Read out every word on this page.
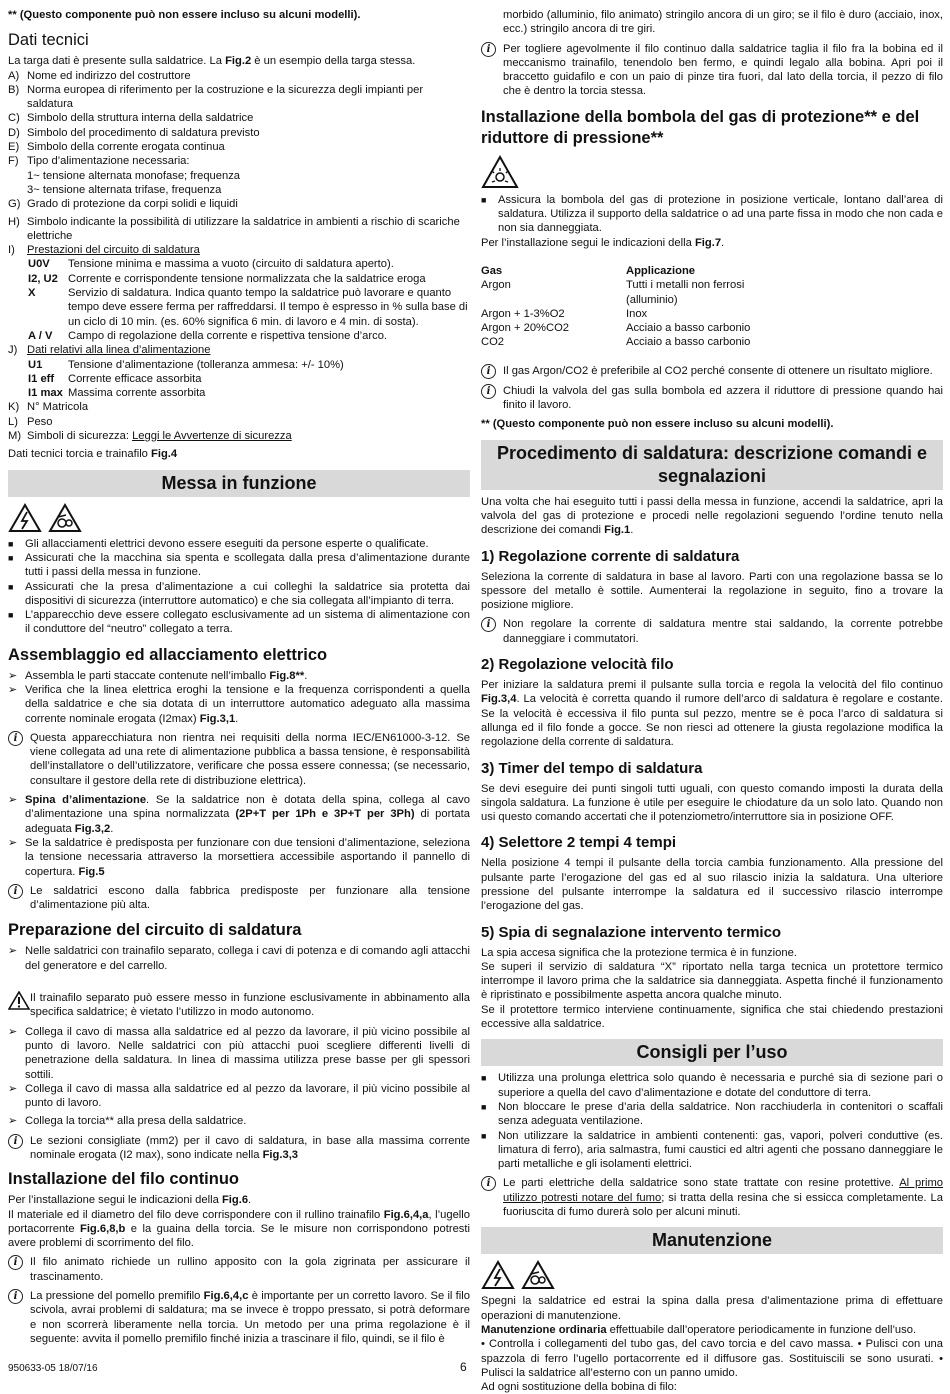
** (Questo componente può non essere incluso su alcuni modelli).

Dati tecnici

La targa dati è presente sulla saldatrice. La Fig.2 è un esempio della targa stessa.

A) Nome ed indirizzo del costruttore
B) Norma europea di riferimento per la costruzione e la sicurezza degli impianti per saldatura
C) Simbolo della struttura interna della saldatrice
D) Simbolo del procedimento di saldatura previsto
E) Simbolo della corrente erogata continua
F) Tipo d’alimentazione necessaria:

1~ tensione alternata monofase; frequenza

3~ tensione alternata trifase, frequenza

G) Grado di protezione da corpi solidi e liquidi
H) Simbolo indicante la possibilità di utilizzare la saldatrice in ambienti a rischio di scariche elettriche
I)	Prestazioni del circuito di saldatura
U0V	Tensione minima e massima a vuoto (circuito di saldatura aperto).
I2, U2 Corrente e corrispondente tensione normalizzata che la saldatrice eroga
X	Servizio di saldatura. Indica quanto tempo la saldatrice può lavorare e quanto tempo deve essere ferma per raffreddarsi. Il tempo è espresso in % sulla base di un ciclo di 10 min. (es. 60% significa 6 min. di lavoro e 4 min. di sosta).
A / V	Campo di regolazione della corrente e rispettiva tensione d’arco.
J) Dati relativi alla linea d’alimentazione
U1	Tensione d’alimentazione (tolleranza ammesa: +/- 10%)
I1 eff	Corrente efficace assorbita
I1 max Massima corrente assorbita
K) N° Matricola
L) Peso
M) Simboli di sicurezza: Leggi le Avvertenze di sicurezza

Dati tecnici torcia e trainafilo Fig.4

Messa in funzione
■	Gli allacciamenti elettrici devono essere eseguiti da persone esperte o qualificate.
■	Assicurati che la macchina sia spenta e scollegata dalla presa d’alimentazione durante tutti i passi della messa in funzione.
■	Assicurati che la presa d’alimentazione a cui colleghi la saldatrice sia protetta dai dispositivi di sicurezza (interruttore automatico) e che sia collegata all’impianto di terra.
■	L’apparecchio deve essere collegato esclusivamente ad un sistema di alimentazione con il conduttore del “neutro” collegato a terra.
Assemblaggio ed allacciamento elettrico
➢ Assembla le parti staccate contenute nell’imballo Fig.8**.
➢ Verifica che la linea elettrica eroghi la tensione e la frequenza corrispondenti a quella della saldatrice e che sia dotata di un interruttore automatico adeguato alla massima corrente nominale erogata (I2max) Fig.3,1.
i	Questa apparecchiatura non rientra nei requisiti della norma IEC/EN61000-3-12. Se viene collegata ad una rete di alimentazione pubblica a bassa tensione, è responsabilità dell’installatore o dell’utilizzatore, verificare che possa essere connessa; (se necessario, consultare il gestore della rete di distribuzione elettrica).
➢ Spina d’alimentazione. Se la saldatrice non è dotata della spina, collega al cavo d’alimentazione una spina normalizzata (2P+T per 1Ph e 3P+T per 3Ph) di portata adeguata Fig.3,2.
➢ Se la saldatrice è predisposta per funzionare con due tensioni d’alimentazione, seleziona la tensione necessaria attraverso la morsettiera accessibile asportando il pannello di copertura. Fig.5
i	Le saldatrici escono dalla fabbrica predisposte per funzionare alla tensione d’alimentazione più alta.
Preparazione del circuito di saldatura
➢ Nelle saldatrici con trainafilo separato, collega i cavi di potenza e di comando agli attacchi del generatore e del carrello.
Il trainafilo separato può essere messo in funzione esclusivamente in abbinamento alla specifica saldatrice; è vietato l’utilizzo in modo autonomo.
➢ Collega il cavo di massa alla saldatrice ed al pezzo da lavorare, il più vicino possibile al punto di lavoro. Nelle saldatrici con più attacchi puoi scegliere differenti livelli di penetrazione della saldatura. In linea di massima utilizza prese basse per gli spessori sottili.
➢ Collega il cavo di massa alla saldatrice ed al pezzo da lavorare, il più vicino possibile al punto di lavoro.
➢ Collega la torcia** alla presa della saldatrice.
i	Le sezioni consigliate (mm2) per il cavo di saldatura, in base alla massima corrente nominale erogata (I2 max), sono indicate nella Fig.3,3
Installazione del filo continuo

Per l’installazione segui le indicazioni della Fig.6.

Il materiale ed il diametro del filo deve corrispondere con il rullino trainafilo Fig.6,4,a, l’ugello portacorrente Fig.6,8,b e la guaina della torcia. Se le misure non corrispondono potresti avere problemi di scorrimento del filo.

i	Il filo animato richiede un rullino apposito con la gola zigrinata per assicurare il trascinamento.
i	La pressione del pomello premifilo Fig.6,4,c è importante per un corretto lavoro. Se il filo scivola, avrai problemi di saldatura; ma se invece è troppo pressato, si potrà deformare e non scorrerà liberamente nella torcia. Un metodo per una prima regolazione è il seguente: avvita il pomello premifilo finché inizia a trascinare il filo, quindi, se il filo è
950633-05 18/07/16	6

morbido (alluminio, filo animato) stringilo ancora di un giro; se il filo è duro (acciaio, inox, ecc.) stringilo ancora di tre giri.

i	Per togliere agevolmente il filo continuo dalla saldatrice taglia il filo fra la bobina ed il meccanismo trainafilo, tenendolo ben fermo, e quindi legalo alla bobina. Apri poi il braccetto guidafilo e con un paio di pinze tira fuori, dal lato della torcia, il pezzo di filo che è dentro la torcia stessa.
Installazione della bombola del gas di protezione** e del riduttore di pressione**
■	Assicura la bombola del gas di protezione in posizione verticale, lontano dall’area di saldatura. Utilizza il supporto della saldatrice o ad una parte fissa in modo che non cada e non sia danneggiata.

Per l’installazione segui le indicazioni della Fig.7.

Gas	Applicazione
Argon	Tutti i metalli non ferrosi (alluminio)
Argon + 1-3%O2	Inox
Argon + 20%CO2	Acciaio a basso carbonio
CO2	Acciaio a basso carbonio
i	Il gas Argon/CO2 è preferibile al CO2 perché consente di ottenere un risultato migliore.
i	Chiudi la valvola del gas sulla bombola ed azzera il riduttore di pressione quando hai finito il lavoro.

** (Questo componente può non essere incluso su alcuni modelli).

Procedimento di saldatura: descrizione comandi e segnalazioni

Una volta che hai eseguito tutti i passi della messa in funzione, accendi la saldatrice, apri la valvola del gas di protezione e procedi nelle regolazioni seguendo l’ordine tenuto nella descrizione dei comandi Fig.1.

1) Regolazione corrente di saldatura

Seleziona la corrente di saldatura in base al lavoro. Parti con una regolazione bassa se lo spessore del metallo è sottile. Aumenterai la regolazione in seguito, fino a trovare la posizione migliore.

i	Non regolare la corrente di saldatura mentre stai saldando, la corrente potrebbe danneggiare i commutatori.
2) Regolazione velocità filo

Per iniziare la saldatura premi il pulsante sulla torcia e regola la velocità del filo continuo Fig.3,4. La velocità è corretta quando il rumore dell’arco di saldatura è regolare e costante. Se la velocità è eccessiva il filo punta sul pezzo, mentre se è poca l’arco di saldatura si allunga ed il filo fonde a gocce. Se non riesci ad ottenere la giusta regolazione modifica la regolazione della corrente di saldatura.

3) Timer del tempo di saldatura

Se devi eseguire dei punti singoli tutti uguali, con questo comando imposti la durata della singola saldatura. La funzione è utile per eseguire le chiodature da un solo lato. Quando non usi questo comando accertati che il potenziometro/interruttore sia in posizione OFF.

4) Selettore 2 tempi 4 tempi

Nella posizione 4 tempi il pulsante della torcia cambia funzionamento. Alla pressione del pulsante parte l’erogazione del gas ed al suo rilascio inizia la saldatura. Una ulteriore pressione del pulsante interrompe la saldatura ed il successivo rilascio interrompe l’erogazione del gas.

5) Spia di segnalazione intervento termico

La spia accesa significa che la protezione termica è in funzione.

Se superi il servizio di saldatura “X” riportato nella targa tecnica un protettore termico interrompe il lavoro prima che la saldatrice sia danneggiata. Aspetta finché il funzionamento è ripristinato e possibilmente aspetta ancora qualche minuto.

Se il protettore termico interviene continuamente, significa che stai chiedendo prestazioni eccessive alla saldatrice.

Consigli per l’uso
■	Utilizza una prolunga elettrica solo quando è necessaria e purché sia di sezione pari o superiore a quella del cavo d’alimentazione e dotate del conduttore di terra.
■	Non bloccare le prese d’aria della saldatrice. Non racchiuderla in contenitori o scaffali senza adeguata ventilazione.
■	Non utilizzare la saldatrice in ambienti contenenti: gas, vapori, polveri conduttive (es. limatura di ferro), aria salmastra, fumi caustici ed altri agenti che possano danneggiare le parti metalliche e gli isolamenti elettrici.
i	Le parti elettriche della saldatrice sono state trattate con resine protettive. Al primo utilizzo potresti notare del fumo; si tratta della resina che si essicca completamente. La fuoriuscita di fumo durerà solo per alcuni minuti.
Manutenzione

Spegni la saldatrice ed estrai la spina dalla presa d’alimentazione prima di effettuare operazioni di manutenzione.

Manutenzione ordinaria effettuabile dall’operatore periodicamente in funzione dell’uso.

• Controlla i collegamenti del tubo gas, del cavo torcia e del cavo massa. • Pulisci con una spazzola di ferro l’ugello portacorrente ed il diffusore gas. Sostituiscili se sono usurati. • Pulisci la saldatrice all’esterno con un panno umido.

Ad ogni sostituzione della bobina di filo:
